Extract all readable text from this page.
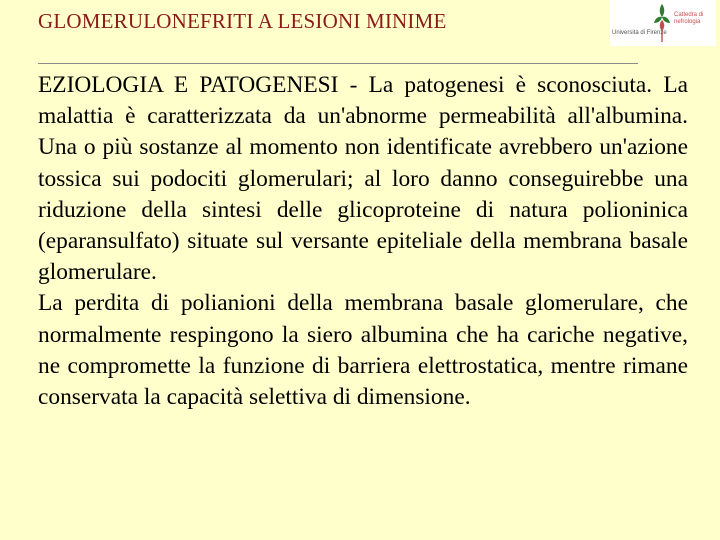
GLOMERULONEFRITI A LESIONI MINIME	Università di Firenze
Cattedra di nefrologia

EZIOLOGIA E PATOGENESI - La patogenesi è sconosciuta. La malattia è caratterizzata da un'abnorme permeabilità all'albumina. Una o più sostanze al momento non identificate avrebbero un'azione tossica sui podociti glomerulari; al loro danno conseguirebbe una riduzione della sintesi delle glicoproteine di natura polioninica (eparansulfato) situate sul versante epiteliale della membrana basale glomerulare.

La perdita di polianioni della membrana basale glomerulare, che normalmente respingono la siero albumina che ha cariche negative, ne compromette la funzione di barriera elettrostatica, mentre rimane conservata la capacità selettiva di dimensione.
